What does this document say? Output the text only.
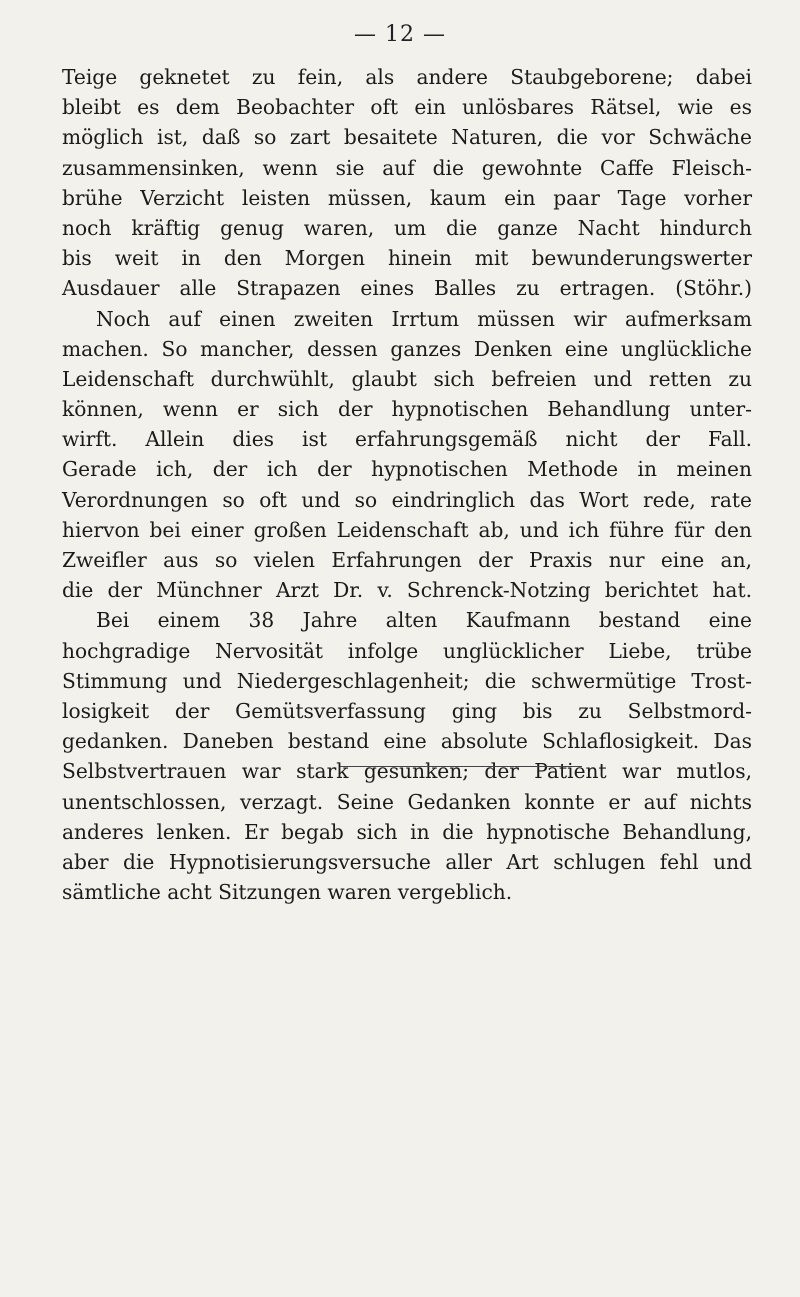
— 12 —
Teige geknetet zu fein, als andere Staubgeborene; dabei
bleibt es dem Beobachter oft ein unlösbares Rätsel, wie es
möglich ist, daß so zart besaitete Naturen, die vor Schwäche
zusammensinken, wenn sie auf die gewohnte Caffe Fleisch-
brühe Verzicht leisten müssen, kaum ein paar Tage vorher
noch kräftig genug waren, um die ganze Nacht hindurch
bis weit in den Morgen hinein mit bewunderungswerter
Ausdauer alle Strapazen eines Balles zu ertragen. (Stöhr.)
Noch auf einen zweiten Irrtum müssen wir aufmerksam
machen. So mancher, dessen ganzes Denken eine unglückliche
Leidenschaft durchwühlt, glaubt sich befreien und retten zu
können, wenn er sich der hypnotischen Behandlung unter-
wirft. Allein dies ist erfahrungsgemäß nicht der Fall.
Gerade ich, der ich der hypnotischen Methode in meinen
Verordnungen so oft und so eindringlich das Wort rede, rate
hiervon bei einer großen Leidenschaft ab, und ich führe für den
Zweifler aus so vielen Erfahrungen der Praxis nur eine an,
die der Münchner Arzt Dr. v. Schrenck-Notzing berichtet hat.
Bei einem 38 Jahre alten Kaufmann bestand eine
hochgradige Nervosität infolge unglücklicher Liebe, trübe
Stimmung und Niedergeschlagenheit; die schwermütige Trost-
losigkeit der Gemütsverfassung ging bis zu Selbstmord-
gedanken. Daneben bestand eine absolute Schlaflosigkeit. Das
Selbstvertrauen war stark gesunken; der Patient war mutlos,
unentschlossen, verzagt. Seine Gedanken konnte er auf nichts
anderes lenken. Er begab sich in die hypnotische Behandlung,
aber die Hypnotisierungsversuche aller Art schlugen fehl und
sämtliche acht Sitzungen waren vergeblich.
